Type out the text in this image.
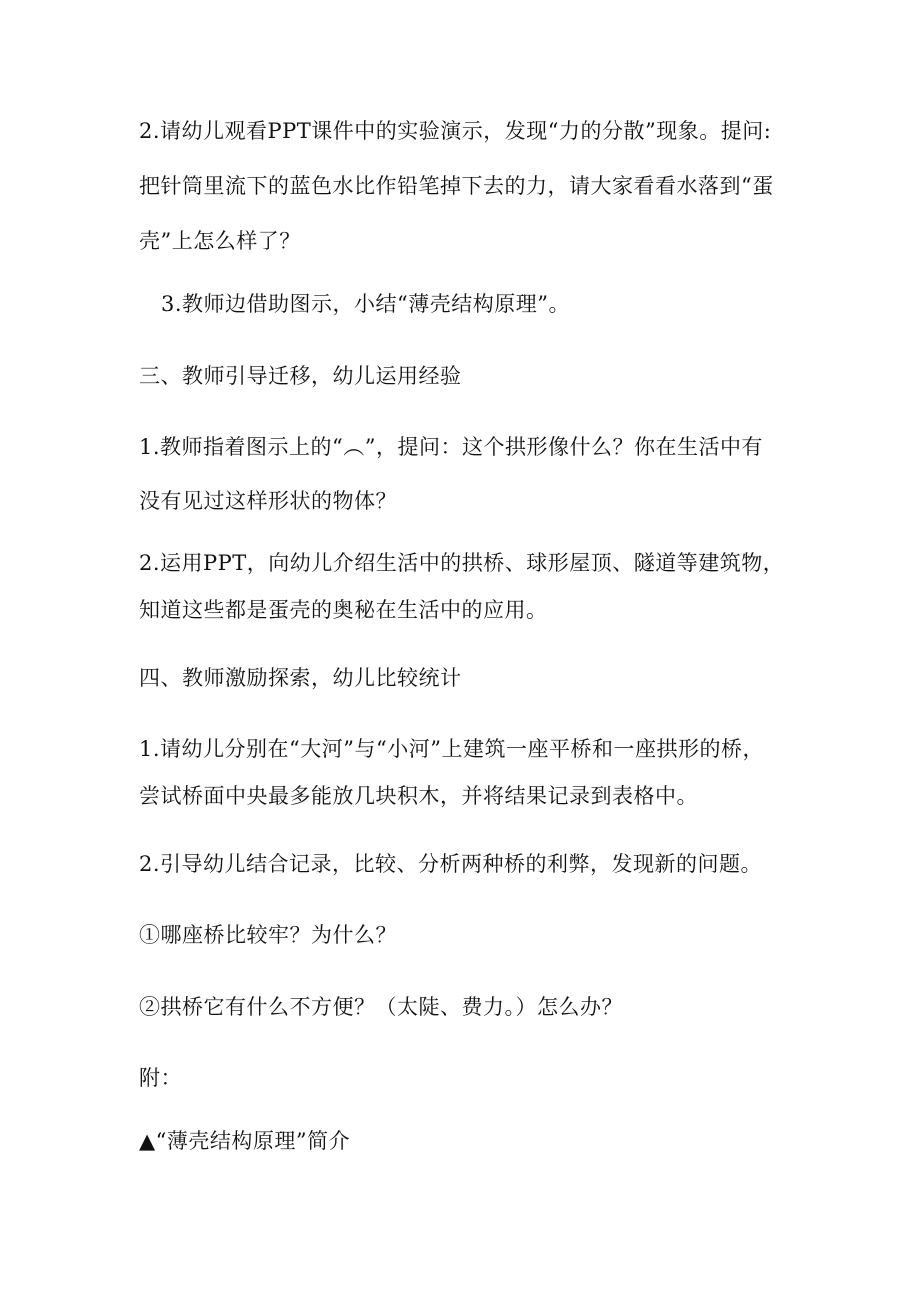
2.请幼儿观看PPT课件中的实验演示，发现“力的分散”现象。提问:
把针筒里流下的蓝色水比作铅笔掉下去的力，请大家看看水落到“蛋
壳”上怎么样了？
3.教师边借助图示，小结“薄壳结构原理”。
三、教师引导迁移，幼儿运用经验
1.教师指着图示上的“︵”，提问：这个拱形像什么？你在生活中有
没有见过这样形状的物体？
2.运用PPT，向幼儿介绍生活中的拱桥、球形屋顶、隧道等建筑物，
知道这些都是蛋壳的奥秘在生活中的应用。
四、教师激励探索，幼儿比较统计
1.请幼儿分别在“大河”与“小河”上建筑一座平桥和一座拱形的桥，
尝试桥面中央最多能放几块积木，并将结果记录到表格中。
2.引导幼儿结合记录，比较、分析两种桥的利弊，发现新的问题。
①哪座桥比较牢？为什么？
②拱桥它有什么不方便？（太陡、费力。）怎么办？
附：
▲“薄壳结构原理”简介
